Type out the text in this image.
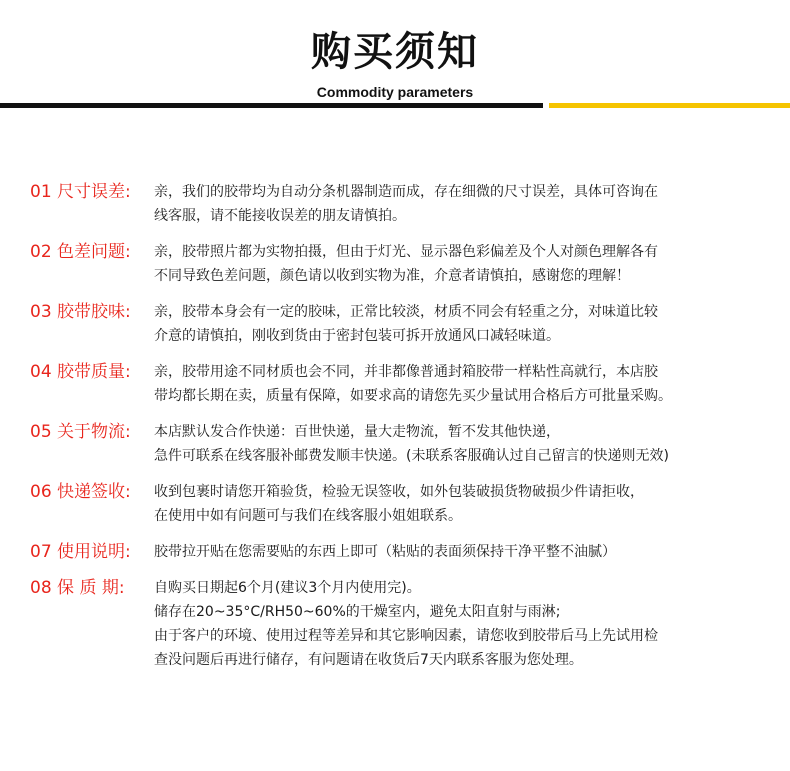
购买须知
Commodity parameters
01 尺寸误差:	亲，我们的胶带均为自动分条机器制造而成，存在细微的尺寸误差，具体可咨询在
线客服，请不能接收误差的朋友请慎拍。
02 色差问题:	亲，胶带照片都为实物拍摄，但由于灯光、显示器色彩偏差及个人对颜色理解各有
不同导致色差问题，颜色请以收到实物为准，介意者请慎拍，感谢您的理解！
03 胶带胶味:	亲，胶带本身会有一定的胶味，正常比较淡，材质不同会有轻重之分，对味道比较
介意的请慎拍，刚收到货由于密封包装可拆开放通风口减轻味道。
04 胶带质量:	亲，胶带用途不同材质也会不同，并非都像普通封箱胶带一样粘性高就行，本店胶
带均都长期在卖，质量有保障，如要求高的请您先买少量试用合格后方可批量采购。
05 关于物流:	本店默认发合作快递：百世快递，量大走物流，暂不发其他快递，
急件可联系在线客服补邮费发顺丰快递。(未联系客服确认过自己留言的快递则无效)
06 快递签收:	收到包裹时请您开箱验货，检验无误签收，如外包装破损货物破损少件请拒收，
在使用中如有问题可与我们在线客服小姐姐联系。
07 使用说明:	胶带拉开贴在您需要贴的东西上即可（粘贴的表面须保持干净平整不油腻）
08 保 质 期:	自购买日期起6个月(建议3个月内使用完)。
储存在20~35°C/RH50~60%的干燥室内，避免太阳直射与雨淋;
由于客户的环境、使用过程等差异和其它影响因素，请您收到胶带后马上先试用检
查没问题后再进行储存，有问题请在收货后7天内联系客服为您处理。
